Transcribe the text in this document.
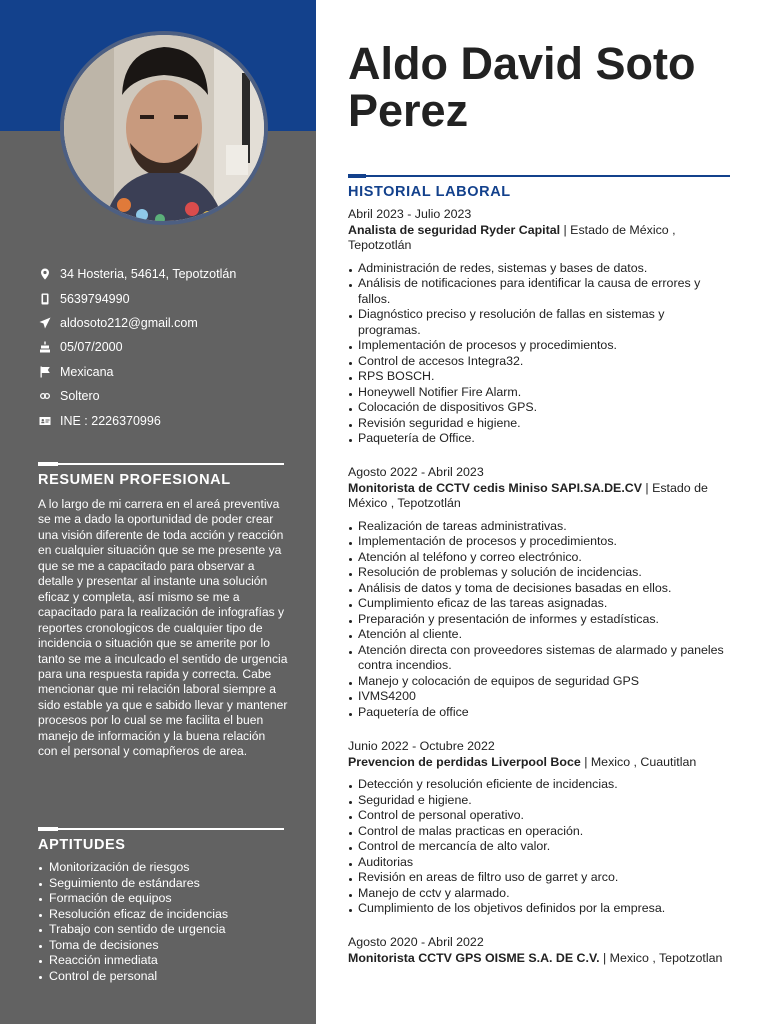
34 Hosteria, 54614, Tepotzotlán
5639794990
aldosoto212@gmail.com
05/07/2000
Mexicana
Soltero
INE : 2226370996
RESUMEN PROFESIONAL

A lo largo de mi carrera en el areá preventiva se me a dado la oportunidad de poder crear una visión diferente de toda acción y reacción en cualquier situación que se me presente ya que se me a capacitado para observar a detalle y presentar al instante una solución eficaz y completa, así mismo se me a capacitado para la realización de infografías y reportes cronologicos de cualquier tipo de incidencia o situación que se amerite por lo tanto se me a inculcado el sentido de urgencia para una respuesta rapida y correcta. Cabe mencionar que mi relación laboral siempre a sido estable ya que e sabido llevar y mantener procesos por lo cual se me facilita el buen manejo de información y la buena relación con el personal y comapñeros de area.

APTITUDES
Monitorización de riesgos
Seguimiento de estándares
Formación de equipos
Resolución eficaz de incidencias
Trabajo con sentido de urgencia
Toma de decisiones
Reacción inmediata
Control de personal
Aldo David Soto Perez
HISTORIAL LABORAL
Abril 2023 - Julio 2023
Analista de seguridad Ryder Capital | Estado de México , Tepotzotlán
Administración de redes, sistemas y bases de datos.
Análisis de notificaciones para identificar la causa de errores y fallos.
Diagnóstico preciso y resolución de fallas en sistemas y programas.
Implementación de procesos y procedimientos.
Control de accesos Integra32.
RPS BOSCH.
Honeywell Notifier Fire Alarm.
Colocación de dispositivos GPS.
Revisión seguridad e higiene.
Paquetería de Office.
Agosto 2022 - Abril 2023
Monitorista de CCTV cedis Miniso SAPI.SA.DE.CV | Estado de México , Tepotzotlán
Realización de tareas administrativas.
Implementación de procesos y procedimientos.
Atención al teléfono y correo electrónico.
Resolución de problemas y solución de incidencias.
Análisis de datos y toma de decisiones basadas en ellos.
Cumplimiento eficaz de las tareas asignadas.
Preparación y presentación de informes y estadísticas.
Atención al cliente.
Atención directa con proveedores sistemas de alarmado y paneles contra incendios.
Manejo y colocación de equipos de seguridad GPS
IVMS4200
Paquetería de office
Junio 2022 - Octubre 2022
Prevencion de perdidas Liverpool Boce | Mexico , Cuautitlan
Detección y resolución eficiente de incidencias.
Seguridad e higiene.
Control de personal operativo.
Control de malas practicas en operación.
Control de mercancía de alto valor.
Auditorias
Revisión en areas de filtro uso de garret y arco.
Manejo de cctv y alarmado.
Cumplimiento de los objetivos definidos por la empresa.
Agosto 2020 - Abril 2022
Monitorista CCTV GPS OISME S.A. DE C.V. | Mexico , Tepotzotlan
